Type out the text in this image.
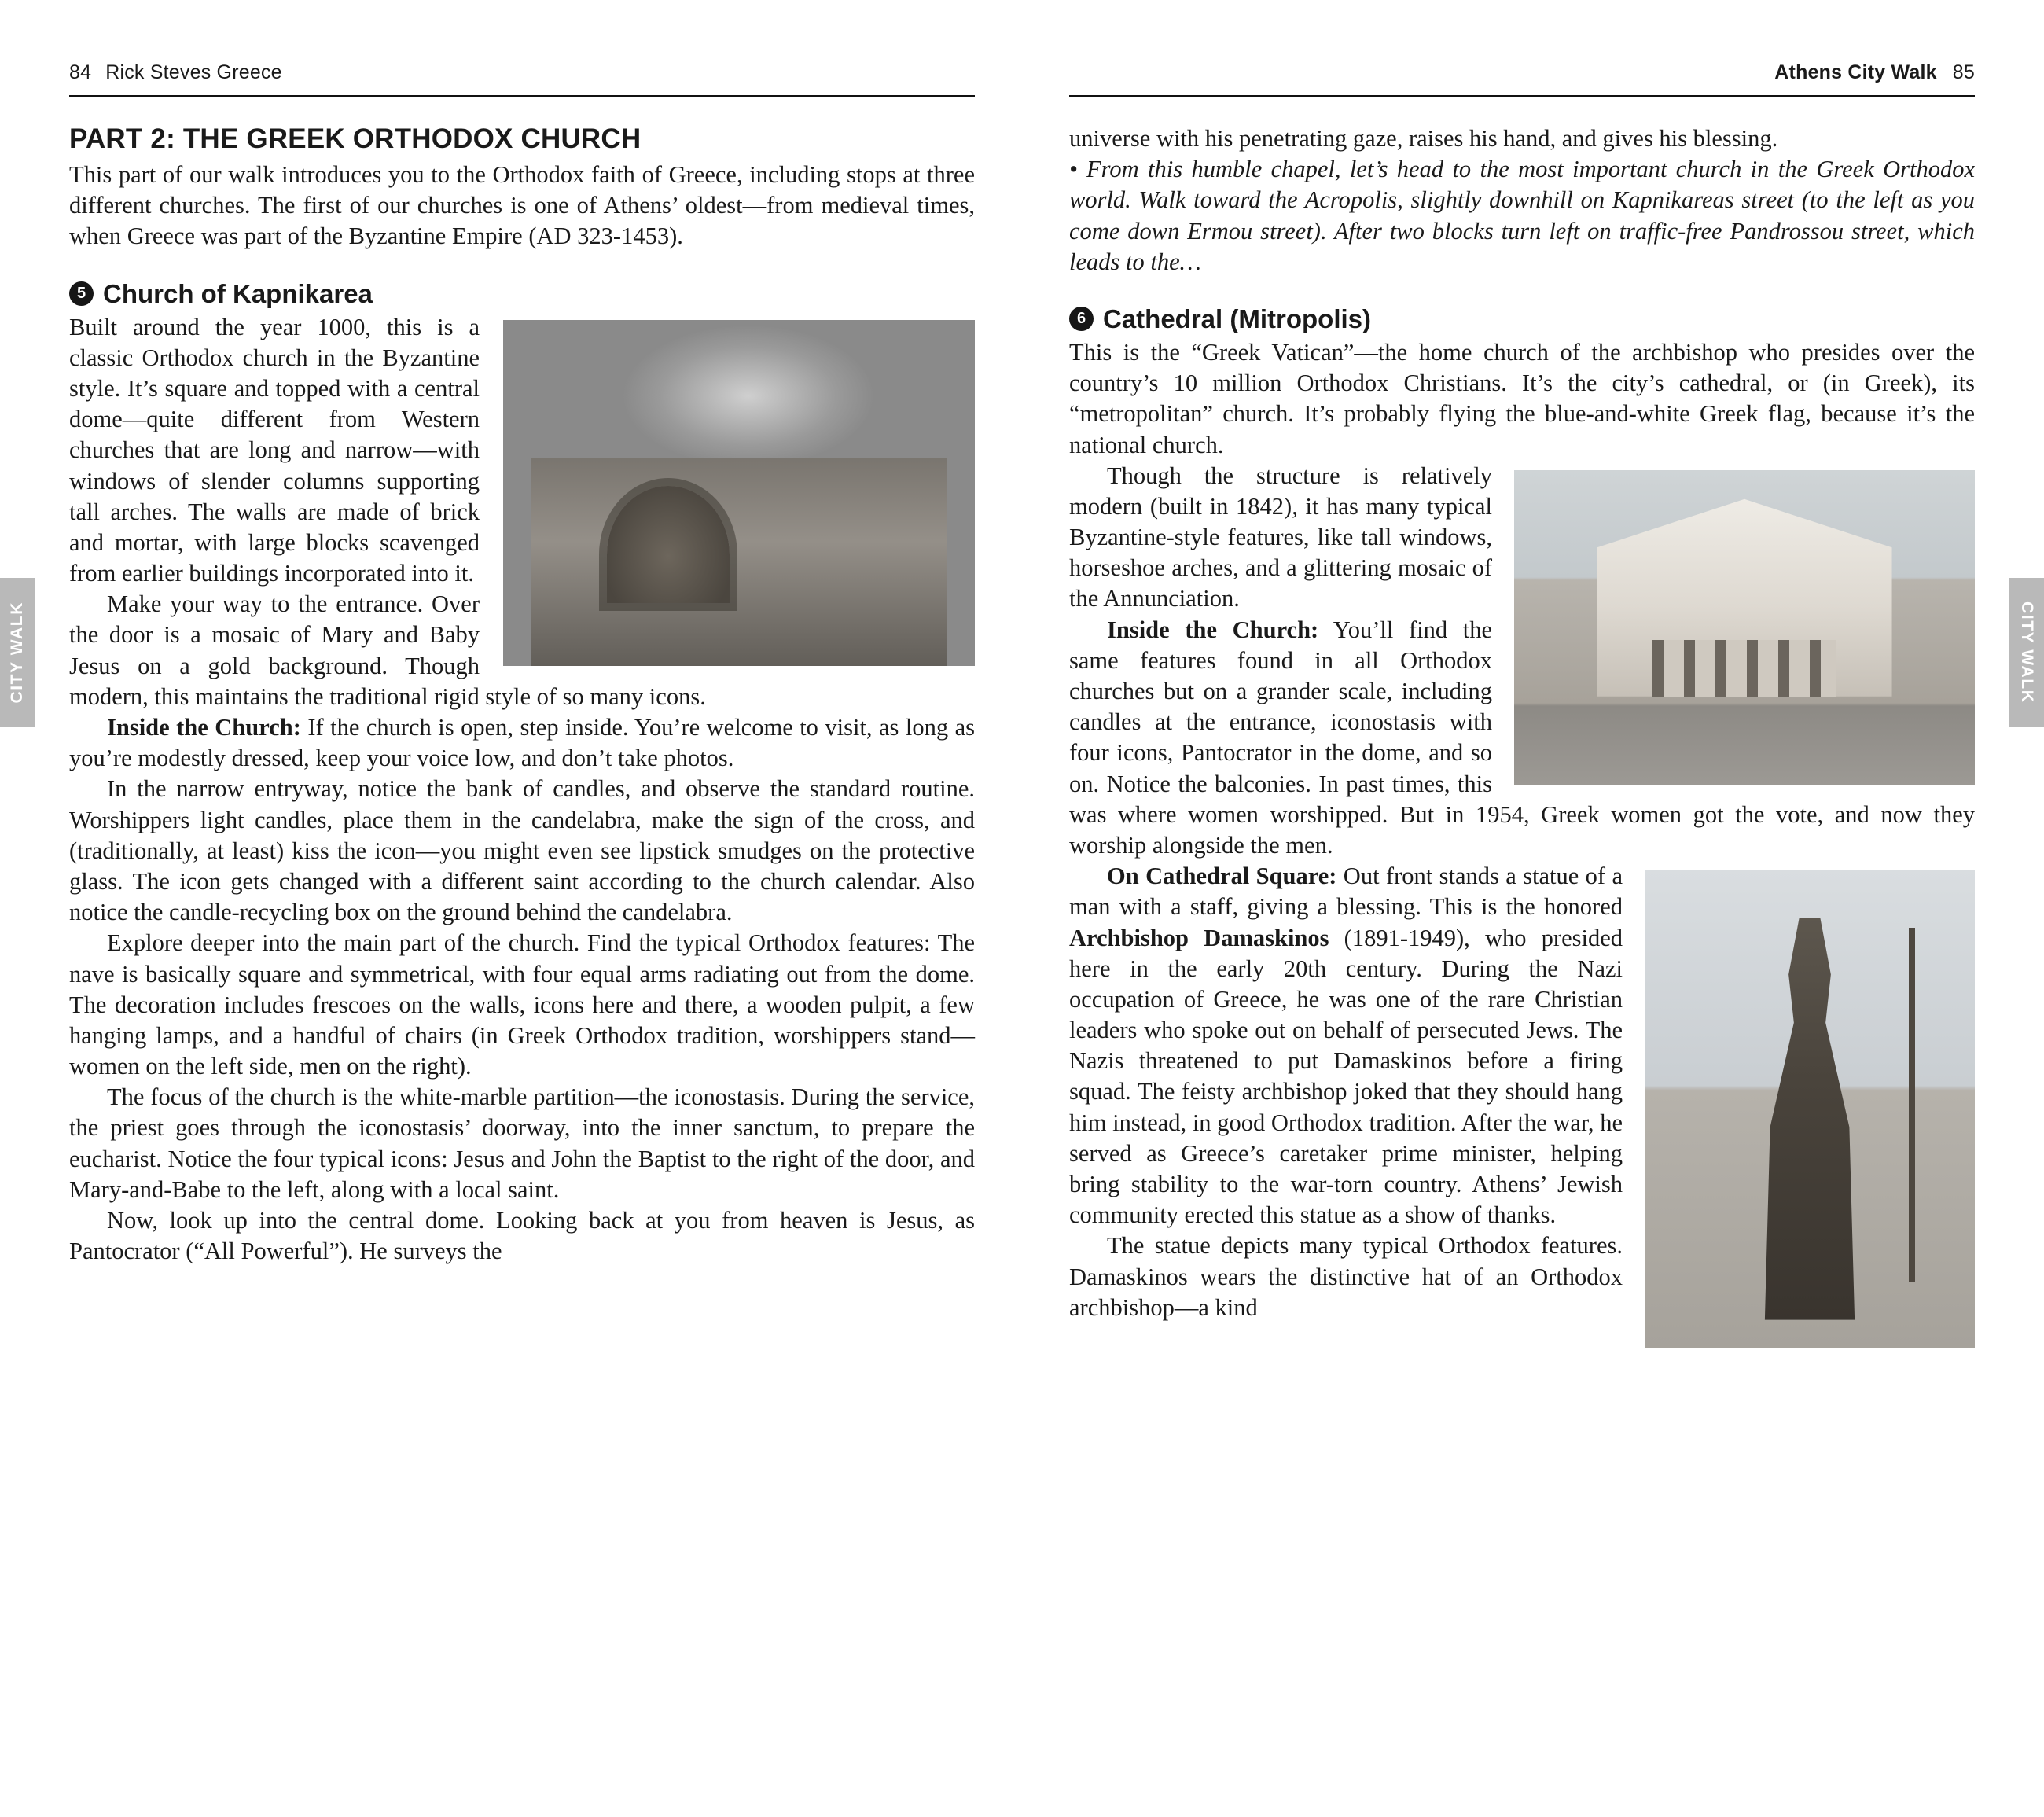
CITY WALK
84 Rick Steves Greece
PART 2: THE GREEK ORTHODOX CHURCH

This part of our walk introduces you to the Orthodox faith of Greece, including stops at three different churches. The first of our churches is one of Athens’ oldest—from medieval times, when Greece was part of the Byzantine Empire (AD 323-1453).

5 Church of Kapnikarea

Built around the year 1000, this is a classic Orthodox church in the Byzantine style. It’s square and topped with a central dome—quite different from Western churches that are long and narrow—with windows of slender columns supporting tall arches. The walls are made of brick and mortar, with large blocks scavenged from earlier buildings incorporated into it.

Make your way to the entrance. Over the door is a mosaic of Mary and Baby Jesus on a gold background. Though modern, this maintains the traditional rigid style of so many icons.

Inside the Church: If the church is open, step inside. You’re welcome to visit, as long as you’re modestly dressed, keep your voice low, and don’t take photos.

In the narrow entryway, notice the bank of candles, and observe the standard routine. Worshippers light candles, place them in the candelabra, make the sign of the cross, and (traditionally, at least) kiss the icon—you might even see lipstick smudges on the protective glass. The icon gets changed with a different saint according to the church calendar. Also notice the candle-recycling box on the ground behind the candelabra.

Explore deeper into the main part of the church. Find the typical Orthodox features: The nave is basically square and symmetrical, with four equal arms radiating out from the dome. The decoration includes frescoes on the walls, icons here and there, a wooden pulpit, a few hanging lamps, and a handful of chairs (in Greek Orthodox tradition, worshippers stand—women on the left side, men on the right).

The focus of the church is the white-marble partition—the iconostasis. During the service, the priest goes through the iconostasis’ doorway, into the inner sanctum, to prepare the eucharist. Notice the four typical icons: Jesus and John the Baptist to the right of the door, and Mary-and-Babe to the left, along with a local saint.

Now, look up into the central dome. Looking back at you from heaven is Jesus, as Pantocrator (“All Powerful”). He surveys the

CITY WALK
Athens City Walk 85

universe with his penetrating gaze, raises his hand, and gives his blessing.

• From this humble chapel, let’s head to the most important church in the Greek Orthodox world. Walk toward the Acropolis, slightly downhill on Kapnikareas street (to the left as you come down Ermou street). After two blocks turn left on traffic-free Pandrossou street, which leads to the…

6 Cathedral (Mitropolis)

This is the “Greek Vatican”—the home church of the archbishop who presides over the country’s 10 million Orthodox Christians. It’s the city’s cathedral, or (in Greek), its “metropolitan” church. It’s probably flying the blue-and-white Greek flag, because it’s the national church.

Though the structure is relatively modern (built in 1842), it has many typical Byzantine-style features, like tall windows, horseshoe arches, and a glittering mosaic of the Annunciation.

Inside the Church: You’ll find the same features found in all Orthodox churches but on a grander scale, including candles at the entrance, iconostasis with four icons, Pantocrator in the dome, and so on. Notice the balconies. In past times, this was where women worshipped. But in 1954, Greek women got the vote, and now they worship alongside the men.

On Cathedral Square: Out front stands a statue of a man with a staff, giving a blessing. This is the honored Archbishop Damaskinos (1891-1949), who presided here in the early 20th century. During the Nazi occupation of Greece, he was one of the rare Christian leaders who spoke out on behalf of persecuted Jews. The Nazis threatened to put Damaskinos before a firing squad. The feisty archbishop joked that they should hang him instead, in good Orthodox tradition. After the war, he served as Greece’s caretaker prime minister, helping bring stability to the war-torn country. Athens’ Jewish community erected this statue as a show of thanks.

The statue depicts many typical Orthodox features. Damaskinos wears the distinctive hat of an Orthodox archbishop—a kind
